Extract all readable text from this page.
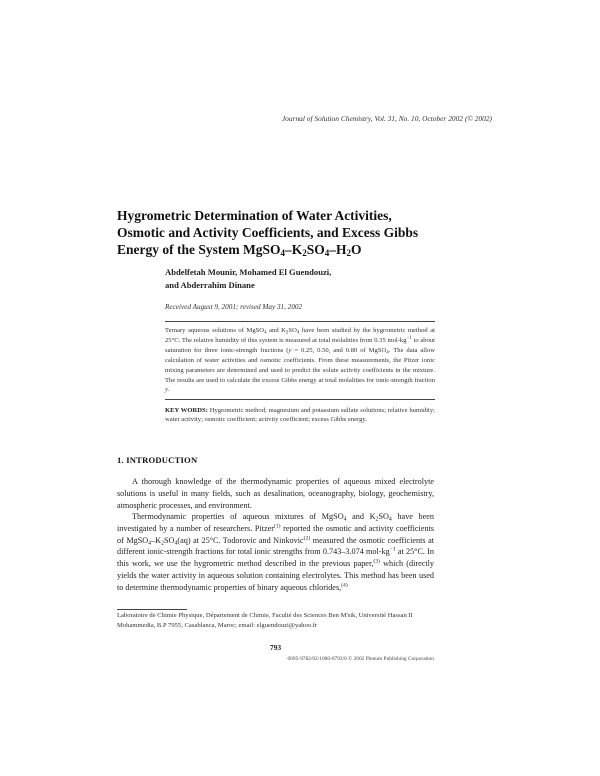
Journal of Solution Chemistry, Vol. 31, No. 10, October 2002 (© 2002)

Hygrometric Determination of Water Activities,
Osmotic and Activity Coefficients, and Excess Gibbs
Energy of the System $MgSO_4-K_2SO_4-H_2O$
Abdelfetah Mounir, Mohamed El Guendouzi,
and Abderrahim Dinane

Received August 9, 2001; revised May 31, 2002

Ternary aqueous solutions of MgSO$_4$ and $K_2SO_4$ have been studied by the hygrometric method at 25°C. The relative humidity of this system is measured at total molalities from 0.35 mol-$kg^{-1}$ to about saturation for three ionic-strength fractions (y = 0.25, 0.50, and 0.80 of MgSO$_4$. The data allow calculation of water activities and osmotic coefficients. From these measurements, the Pitzer ionic mixing parameters are determined and used to predict the solute activity coefficients in the mixture. The results are used to calculate the excess Gibbs energy at total molalities for ionic-strength fraction y.

KEY WORDS: Hygrometric method; magnesium and potassium sulfate solutions; relative humidity; water activity; osmotic coefficient; activity coefficient; excess Gibbs energy.

1. INTRODUCTION

A thorough knowledge of the thermodynamic properties of aqueous mixed electrolyte solutions is useful in many fields, such as desalination, oceanography, biology, geochemistry, atmospheric processes, and environment.

Thermodynamic properties of aqueous mixtures of MgSO$_4$ and $K_2SO_4$ have been investigated by a number of researchers. Pitzer$^{(1)}$ reported the osmotic and activity coefficients of $MgSO_4-K_2SO_4(aq)$ at 25°C. Todorovic and Ninkovic$^{(2)}$ measured the osmotic coefficients at different ionic-strength fractions for total ionic strengths from 0.743–3.074 mol-$kg^{-1}$ at 25°C. In this work, we use the hygrometric method described in the previous paper,$^{(3)}$ which (directly yields the water activity in aqueous solution containing electrolytes. This method has been used to determine thermodynamic properties of binary aqueous chlorides,$^{(4)}$

Laboratoire de Chimie Physique, Département de Chimie, Faculté des Sciences Ben M'sik, Université Hassan II Mohammedia, B.P 7955, Casablanca, Maroc; email: elguendouzi@yahoo.fr

793

0095-9782/02/1000-0793/0 © 2002 Plenum Publishing Corporation
